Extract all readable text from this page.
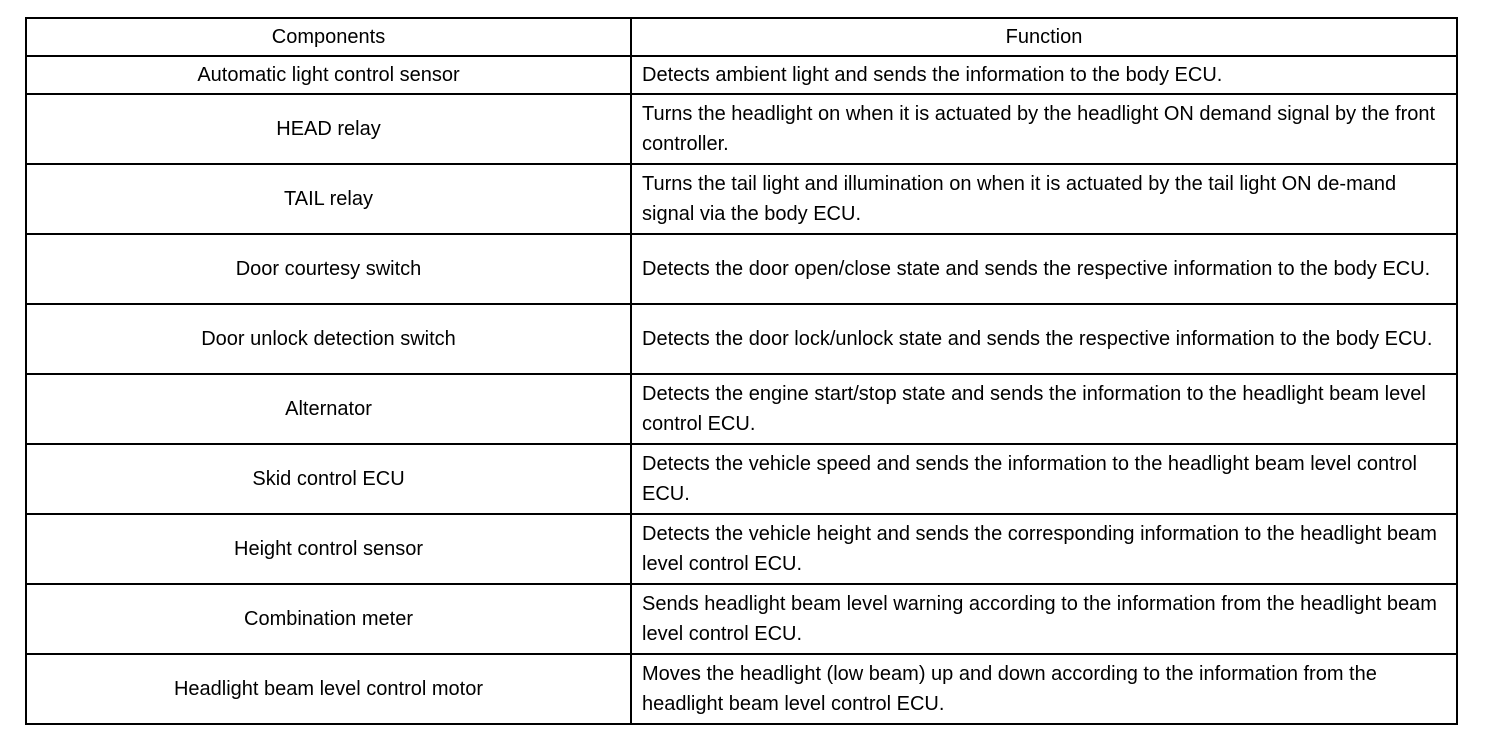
Components	Function
Automatic light control sensor	Detects ambient light and sends the information to the body ECU.
HEAD relay	Turns the headlight on when it is actuated by the headlight ON demand signal by the front controller.
TAIL relay	Turns the tail light and illumination on when it is actuated by the tail light ON de-mand signal via the body ECU.
Door courtesy switch	Detects the door open/close state and sends the respective information to the body ECU.
Door unlock detection switch	Detects the door lock/unlock state and sends the respective information to the body ECU.
Alternator	Detects the engine start/stop state and sends the information to the headlight beam level control ECU.
Skid control ECU	Detects the vehicle speed and sends the information to the headlight beam level control ECU.
Height control sensor	Detects the vehicle height and sends the corresponding information to the headlight beam level control ECU.
Combination meter	Sends headlight beam level warning according to the information from the headlight beam level control ECU.
Headlight beam level control motor	Moves the headlight (low beam) up and down according to the information from the headlight beam level control ECU.
